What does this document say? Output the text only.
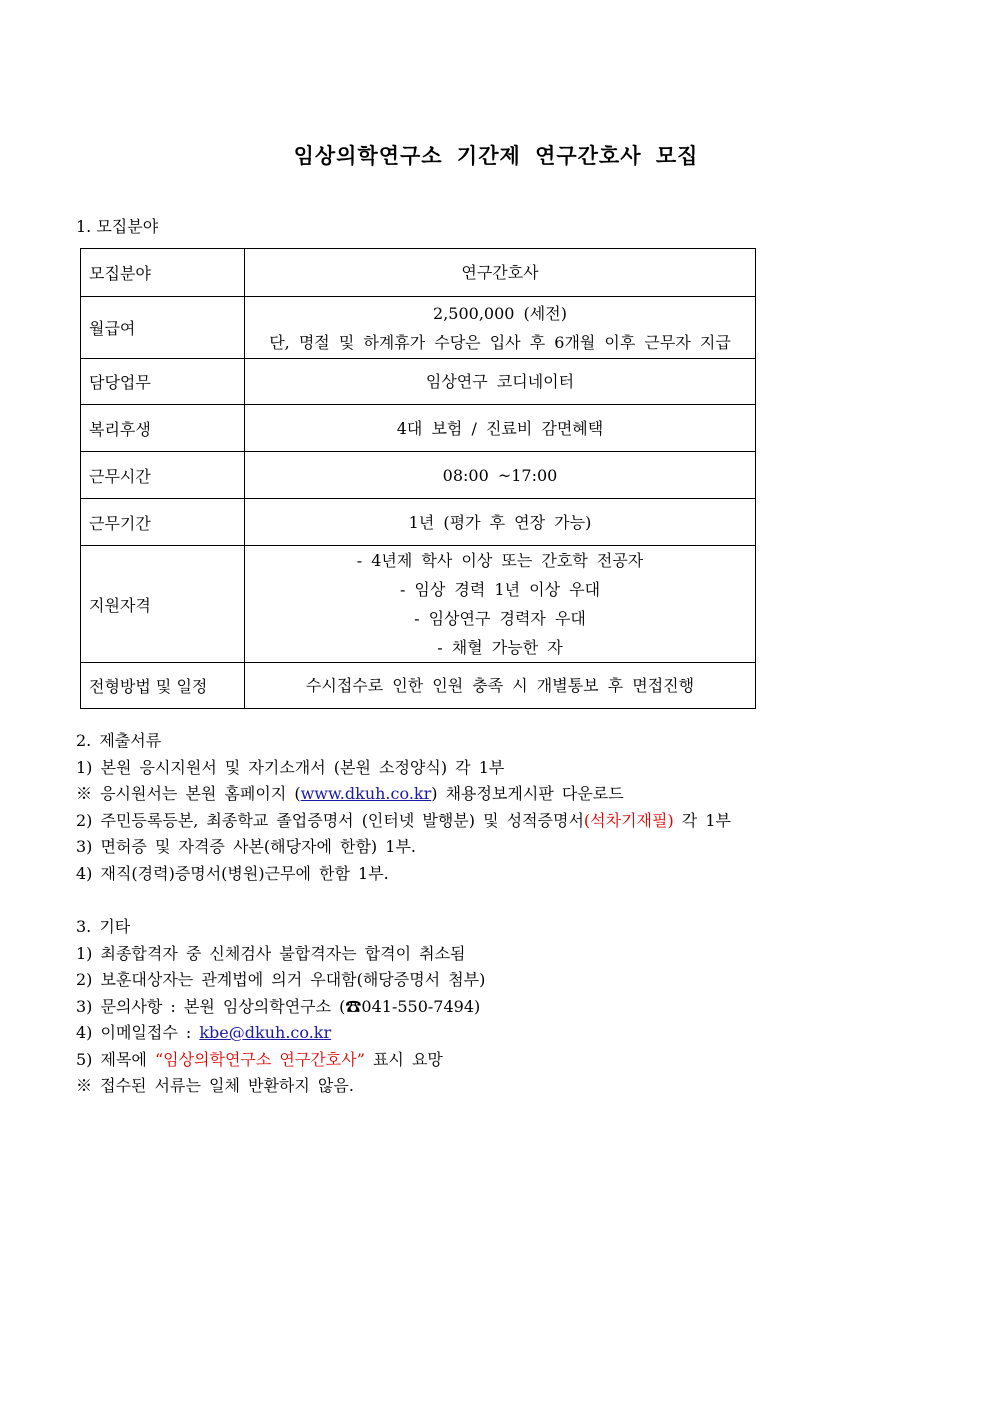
임상의학연구소 기간제 연구간호사 모집
1. 모집분야
모집분야	연구간호사

월급여	2,500,000 (세전)
단, 명절 및 하계휴가 수당은 입사 후 6개월 이후 근무자 지급

담당업무	임상연구 코디네이터

복리후생	4대 보험 / 진료비 감면혜택

근무시간	08:00 ~17:00

근무기간	1년 (평가 후 연장 가능)

지원자격	- 4년제 학사 이상 또는 간호학 전공자
- 임상 경력 1년 이상 우대
- 임상연구 경력자 우대
- 채혈 가능한 자

전형방법 및 일정	수시접수로 인한 인원 충족 시 개별통보 후 면접진행
2. 제출서류
1) 본원 응시지원서 및 자기소개서 (본원 소정양식) 각 1부
※ 응시원서는 본원 홈페이지 (www.dkuh.co.kr) 채용정보게시판 다운로드
2) 주민등록등본, 최종학교 졸업증명서 (인터넷 발행분) 및 성적증명서(석차기재필) 각 1부
3) 면허증 및 자격증 사본(해당자에 한함) 1부.
4) 재직(경력)증명서(병원)근무에 한함 1부.
3. 기타
1) 최종합격자 중 신체검사 불합격자는 합격이 취소됨
2) 보훈대상자는 관계법에 의거 우대함(해당증명서 첨부)
3) 문의사항 : 본원 임상의학연구소 (☎041-550-7494)
4) 이메일접수 : kbe@dkuh.co.kr
5) 제목에 “임상의학연구소 연구간호사” 표시 요망
※ 접수된 서류는 일체 반환하지 않음.
